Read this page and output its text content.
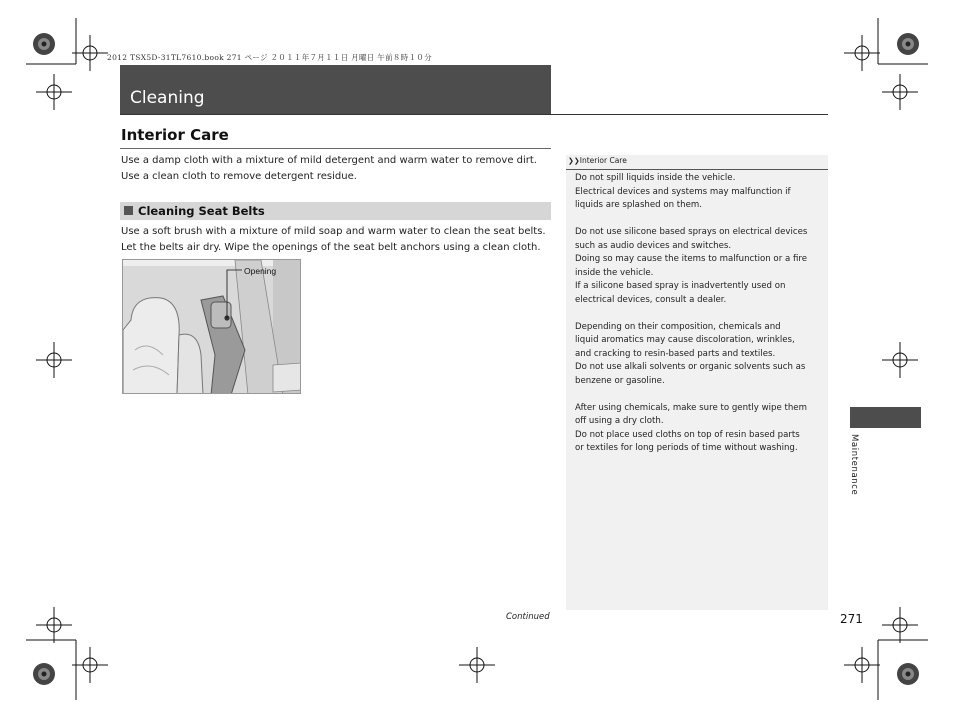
2012 TSX5D-31TL7610.book 271 ページ ２０１１年７月１１日 月曜日 午前８時１０分
Cleaning
Interior Care
Use a damp cloth with a mixture of mild detergent and warm water to remove dirt.
Use a clean cloth to remove detergent residue.
Cleaning Seat Belts
Use a soft brush with a mixture of mild soap and warm water to clean the seat belts.
Let the belts air dry. Wipe the openings of the seat belt anchors using a clean cloth.
Opening
❯❯Interior Care
Do not spill liquids inside the vehicle.
Electrical devices and systems may malfunction if
liquids are splashed on them.
Do not use silicone based sprays on electrical devices
such as audio devices and switches.
Doing so may cause the items to malfunction or a fire
inside the vehicle.
If a silicone based spray is inadvertently used on
electrical devices, consult a dealer.
Depending on their composition, chemicals and
liquid aromatics may cause discoloration, wrinkles,
and cracking to resin-based parts and textiles.
Do not use alkali solvents or organic solvents such as
benzene or gasoline.
After using chemicals, make sure to gently wipe them
off using a dry cloth.
Do not place used cloths on top of resin based parts
or textiles for long periods of time without washing.
Continued	271
Maintenance
